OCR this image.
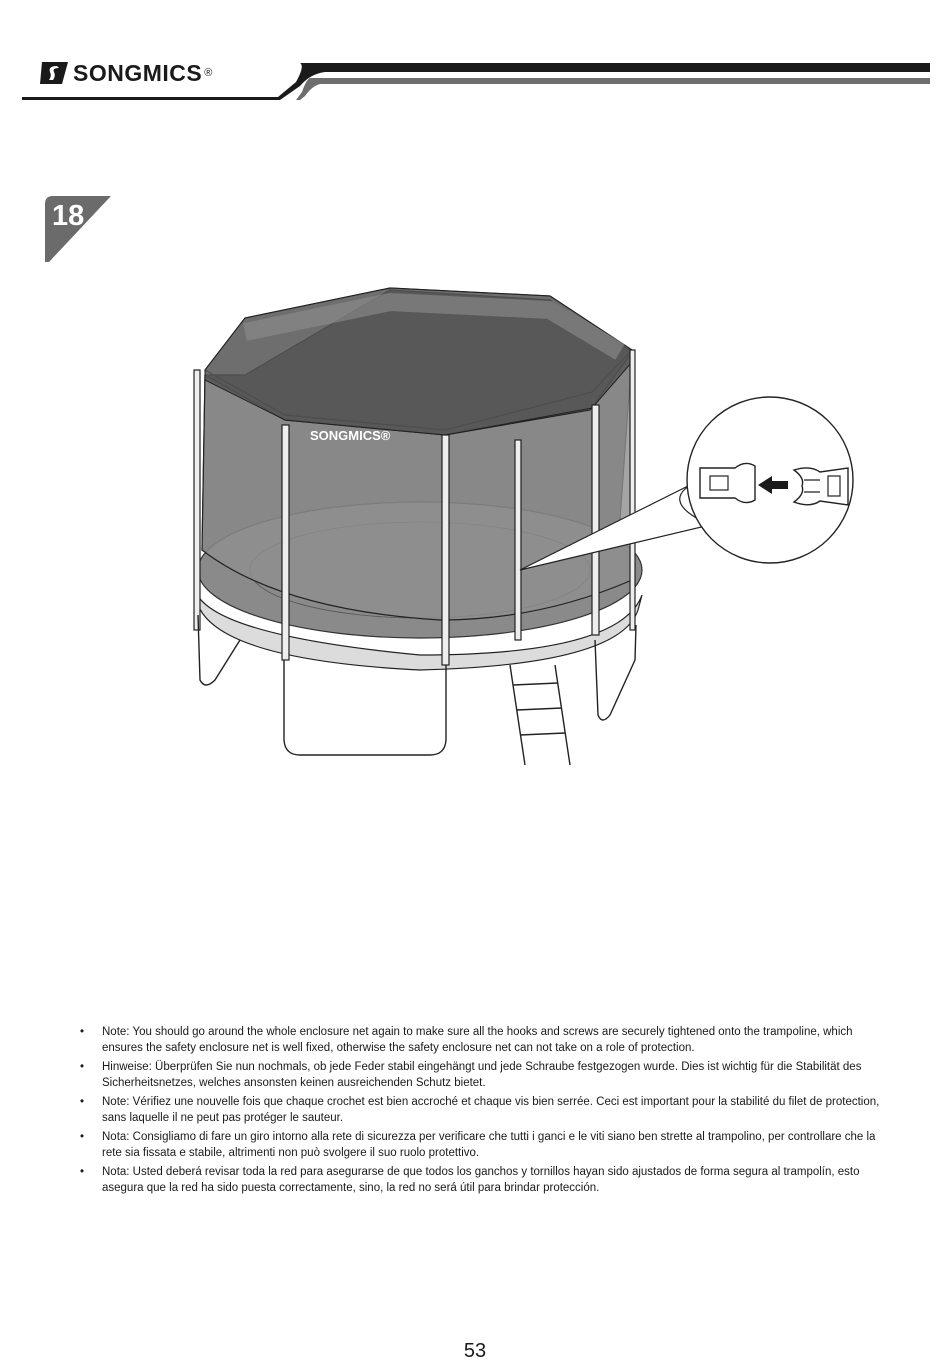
SONGMICS ®
18
SONGMICS®
• Note: You should go around the whole enclosure net again to make sure all the hooks and screws are securely tightened onto the trampoline, which ensures the safety enclosure net is well fixed, otherwise the safety enclosure net can not take on a role of protection.
• Hinweise: Überprüfen Sie nun nochmals, ob jede Feder stabil eingehängt und jede Schraube festgezogen wurde. Dies ist wichtig für die Stabilität des Sicherheitsnetzes, welches ansonsten keinen ausreichenden Schutz bietet.
• Note: Vérifiez une nouvelle fois que chaque crochet est bien accroché et chaque vis bien serrée. Ceci est important pour la stabilité du filet de protection, sans laquelle il ne peut pas protéger le sauteur.
• Nota: Consigliamo di fare un giro intorno alla rete di sicurezza per verificare che tutti i ganci e le viti siano ben strette al trampolino, per controllare che la rete sia fissata e stabile, altrimenti non può svolgere il suo ruolo protettivo.
• Nota: Usted deberá revisar toda la red para asegurarse de que todos los ganchos y tornillos hayan sido ajustados de forma segura al trampolín, esto asegura que la red ha sido puesta correctamente, sino, la red no será útil para brindar protección.
53
